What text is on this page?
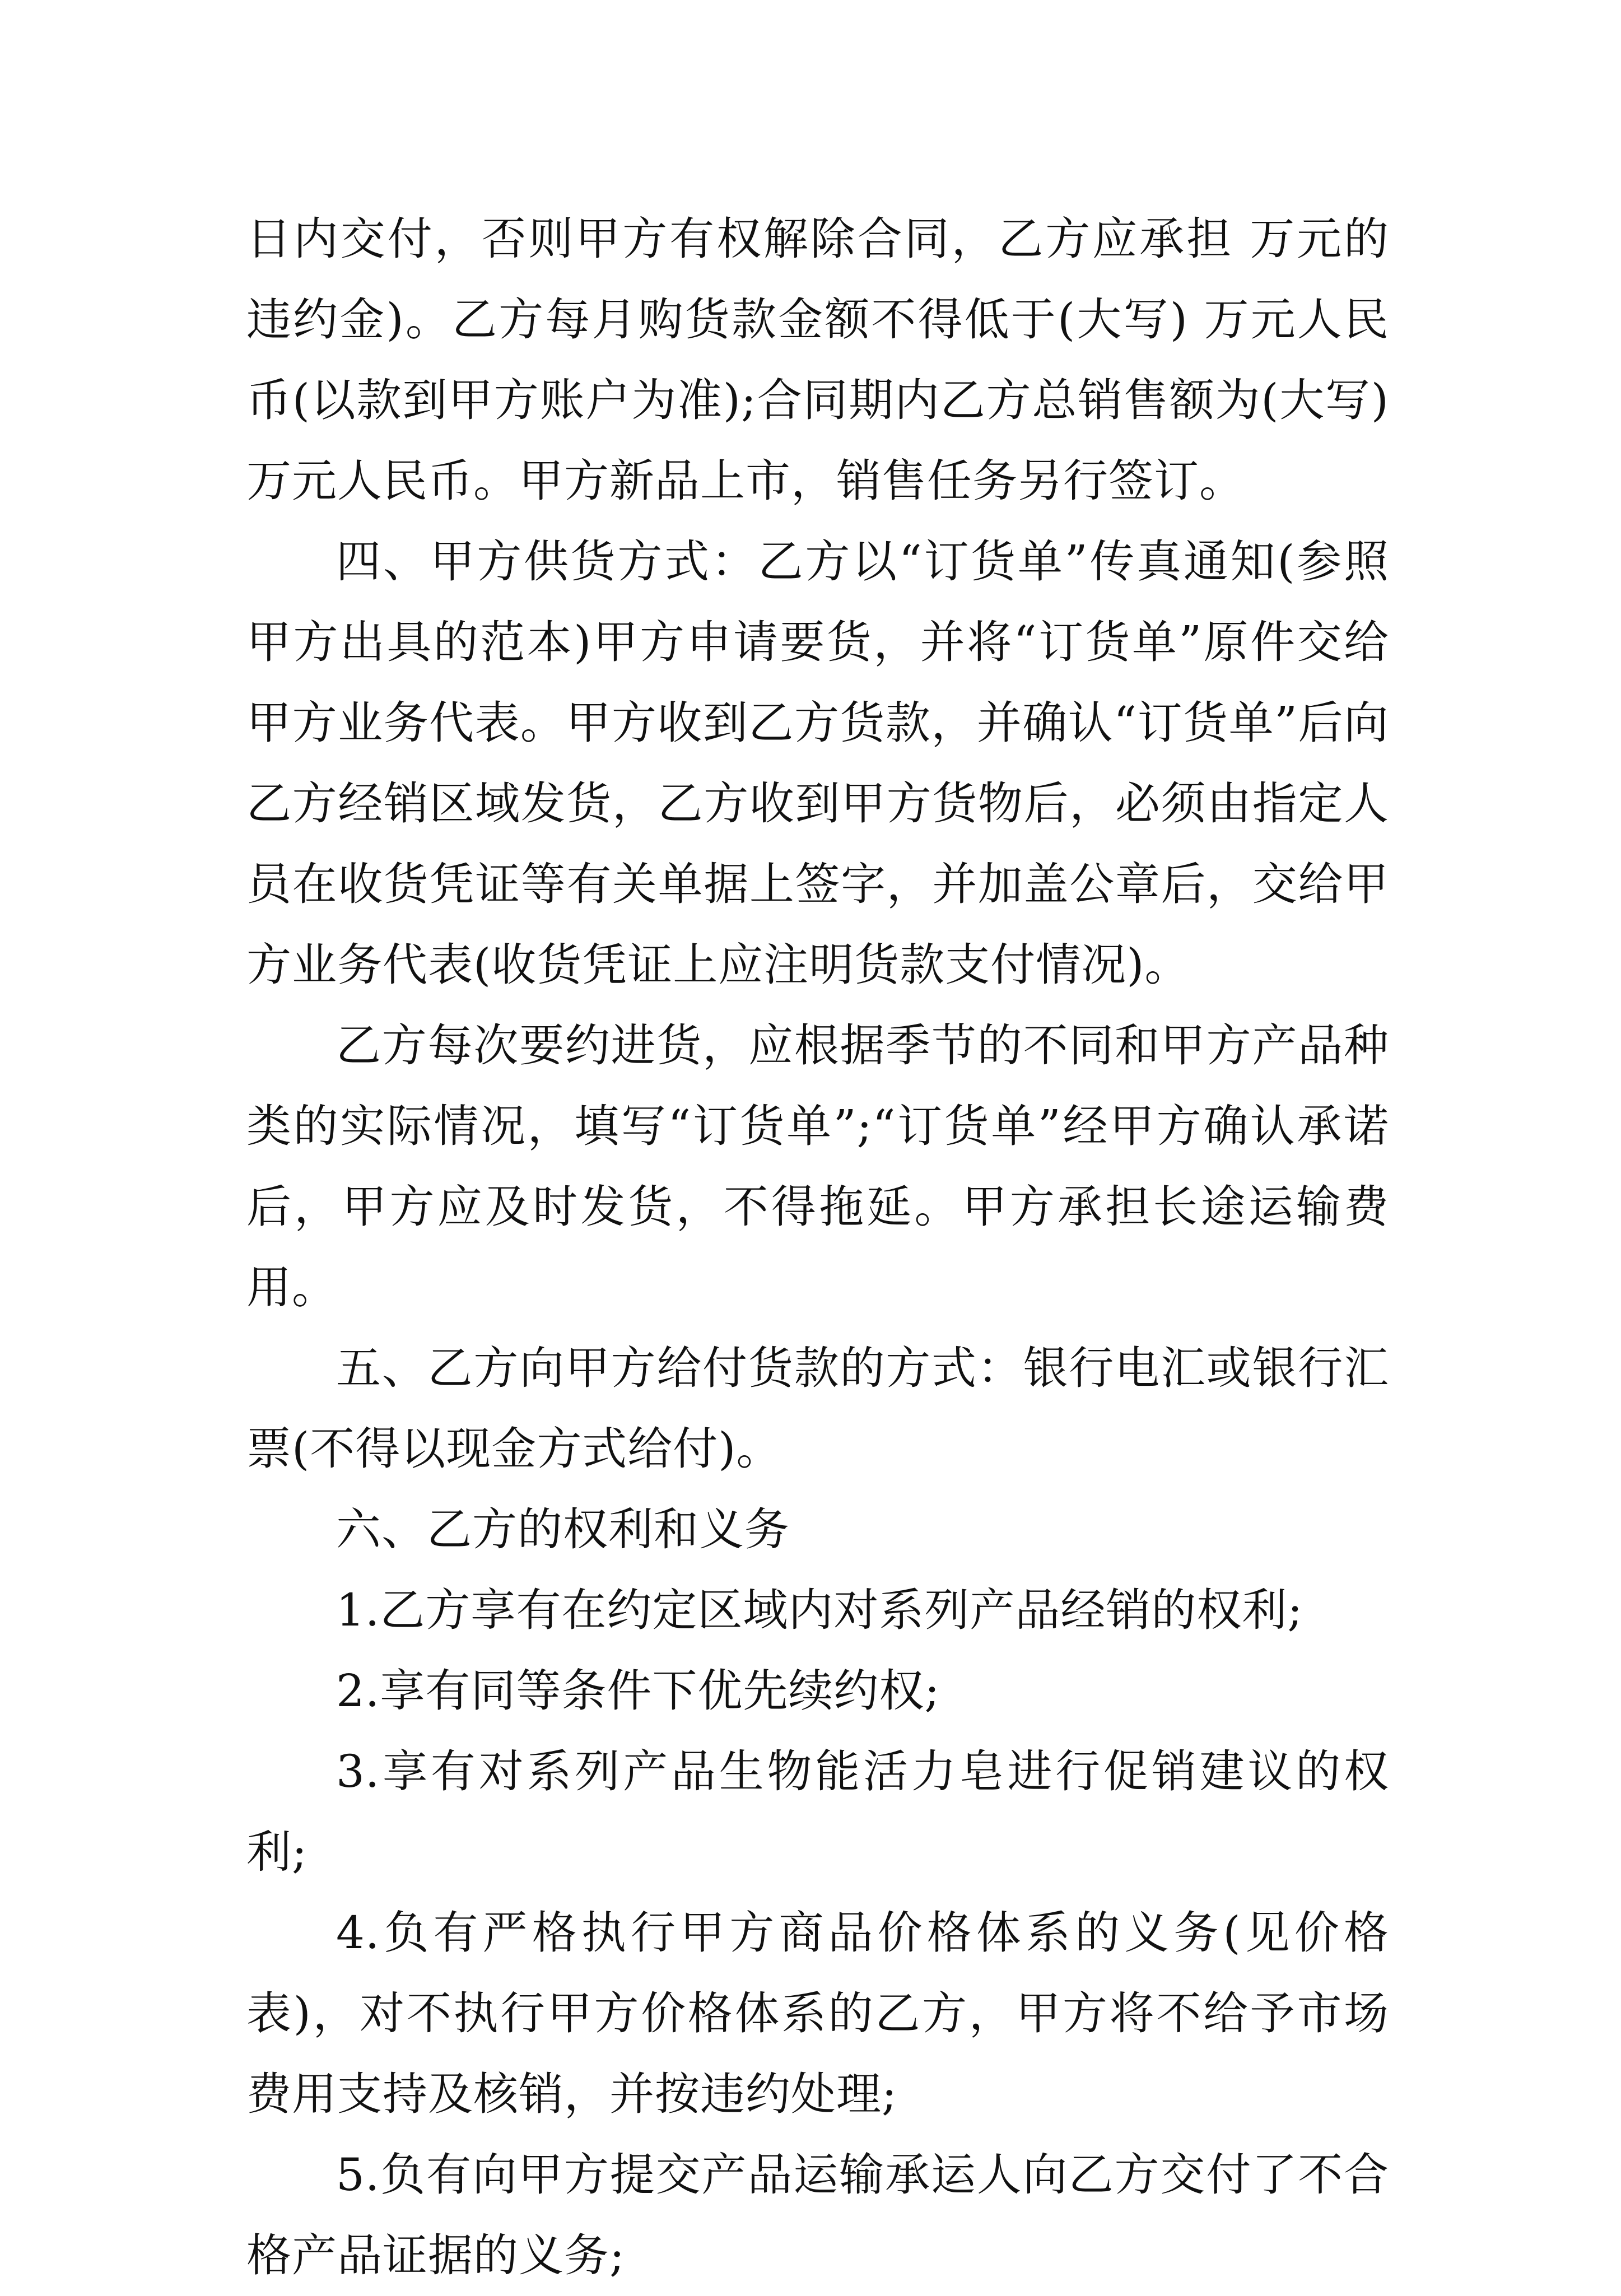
日内交付，否则甲方有权解除合同，乙方应承担 万元的违约金)。乙方每月购货款金额不得低于(大写) 万元人民币(以款到甲方账户为准);合同期内乙方总销售额为(大写) 万元人民币。甲方新品上市，销售任务另行签订。

四、甲方供货方式：乙方以“订货单”传真通知(参照甲方出具的范本)甲方申请要货，并将“订货单”原件交给甲方业务代表。甲方收到乙方货款，并确认“订货单”后向乙方经销区域发货，乙方收到甲方货物后，必须由指定人员在收货凭证等有关单据上签字，并加盖公章后，交给甲方业务代表(收货凭证上应注明货款支付情况)。

乙方每次要约进货，应根据季节的不同和甲方产品种类的实际情况，填写“订货单”;“订货单”经甲方确认承诺后，甲方应及时发货，不得拖延。甲方承担长途运输费用。

五、乙方向甲方给付货款的方式：银行电汇或银行汇票(不得以现金方式给付)。

六、乙方的权利和义务

1.乙方享有在约定区域内对系列产品经销的权利;

2.享有同等条件下优先续约权;

3.享有对系列产品生物能活力皂进行促销建议的权利;

4.负有严格执行甲方商品价格体系的义务(见价格表)，对不执行甲方价格体系的乙方，甲方将不给予市场费用支持及核销，并按违约处理;

5.负有向甲方提交产品运输承运人向乙方交付了不合格产品证据的义务;
